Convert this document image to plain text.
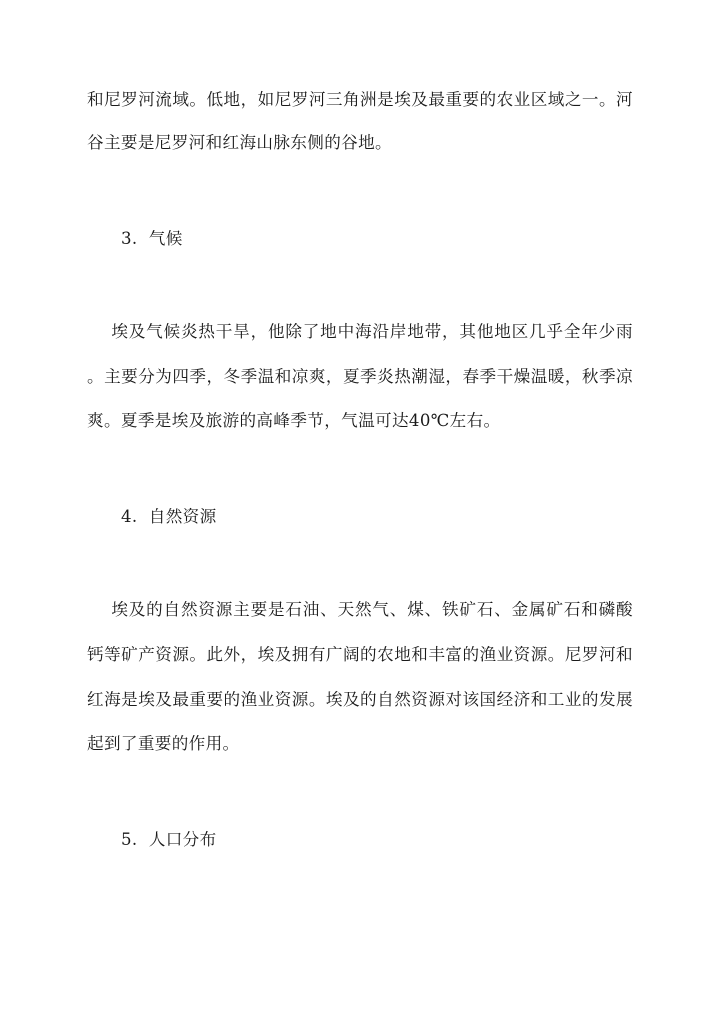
和尼罗河流域。低地，如尼罗河三角洲是埃及最重要的农业区域之一。河
谷主要是尼罗河和红海山脉东侧的谷地。
3.  气候
埃及气候炎热干旱，他除了地中海沿岸地带，其他地区几乎全年少雨
。主要分为四季，冬季温和凉爽，夏季炎热潮湿，春季干燥温暖，秋季凉
爽。夏季是埃及旅游的高峰季节，气温可达40℃左右。
4.  自然资源
埃及的自然资源主要是石油、天然气、煤、铁矿石、金属矿石和磷酸
钙等矿产资源。此外，埃及拥有广阔的农地和丰富的渔业资源。尼罗河和
红海是埃及最重要的渔业资源。埃及的自然资源对该国经济和工业的发展
起到了重要的作用。
5.  人口分布
